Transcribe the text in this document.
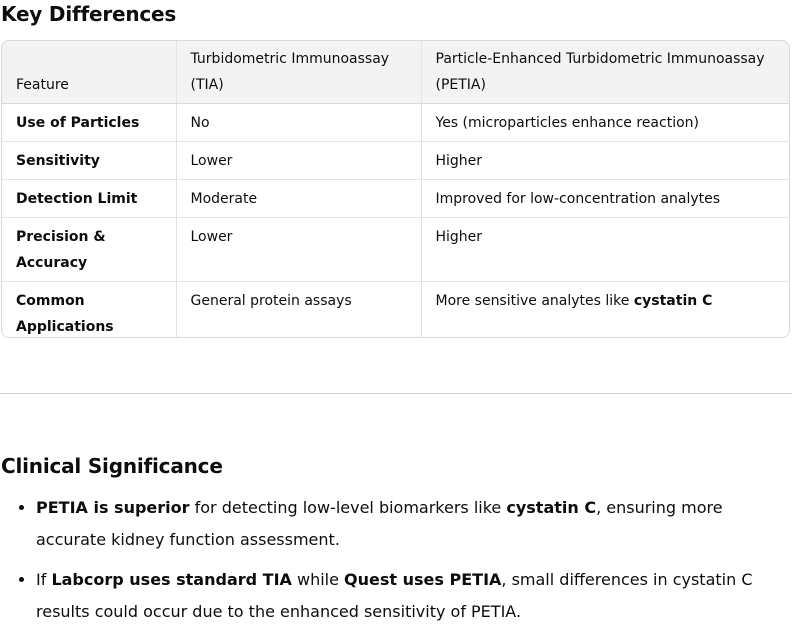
Key Differences
Feature	Turbidometric Immunoassay (TIA)	Particle-Enhanced Turbidometric Immunoassay (PETIA)
Use of Particles	No	Yes (microparticles enhance reaction)
Sensitivity	Lower	Higher
Detection Limit	Moderate	Improved for low-concentration analytes
Precision & Accuracy	Lower	Higher
Common Applications	General protein assays	More sensitive analytes like cystatin C
Clinical Significance
• PETIA is superior for detecting low-level biomarkers like cystatin C, ensuring more accurate kidney function assessment.
• If Labcorp uses standard TIA while Quest uses PETIA, small differences in cystatin C results could occur due to the enhanced sensitivity of PETIA.
